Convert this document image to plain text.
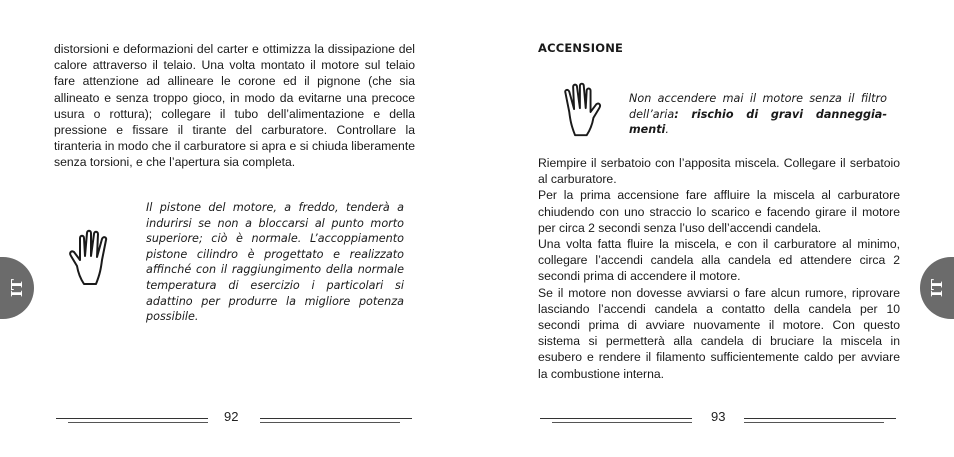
distorsioni e deformazioni del carter e ottimizza la dissipazione del calore attraverso il telaio. Una volta montato il motore sul telaio fare attenzione ad allineare le corone ed il pignone (che sia allineato e senza troppo gioco, in modo da evitarne una precoce usura o rottura); collegare il tubo dell’alimentazione e della pressione e fissare il tirante del carburatore. Controllare la tiranteria in modo che il carburatore si apra e si chiuda liberamente senza torsioni, e che l’apertura sia completa.

Il pistone del motore, a freddo, tenderà a indurirsi se non a bloccarsi al punto morto superiore; ciò è normale. L’accoppiamento pistone cilindro è progettato e realizzato affinché con il raggiungimento della normale temperatura di esercizio i particolari si adattino per produrre la migliore potenza possibile.

IT
92
ACCENSIONE

Non accendere mai il motore senza il filtro dell’aria: rischio di gravi danneggia-menti.

Riempire il serbatoio con l’apposita miscela. Collegare il serbatoio al carburatore.

Per la prima accensione fare affluire la miscela al carburatore chiudendo con uno straccio lo scarico e facendo girare il motore per circa 2 secondi senza l’uso dell’accendi candela.

Una volta fatta fluire la miscela, e con il carburatore al minimo, collegare l’accendi candela alla candela ed attendere circa 2 secondi prima di accendere il motore.

Se il motore non dovesse avviarsi o fare alcun rumore, riprovare lasciando l’accendi candela a contatto della candela per 10 secondi prima di avviare nuovamente il motore. Con questo sistema si permetterà alla candela di bruciare la miscela in esubero e rendere il filamento sufficientemente caldo per avviare la combustione interna.

IT
93
